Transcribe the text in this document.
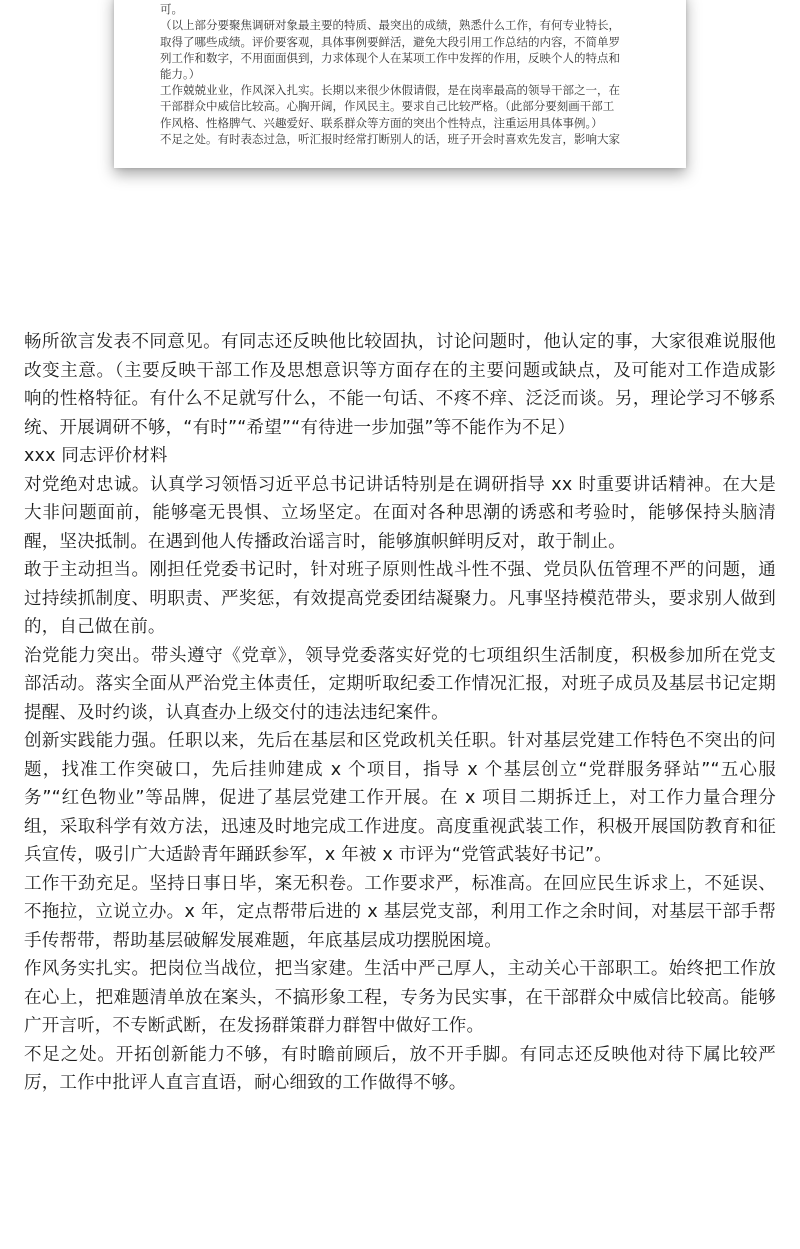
可。

（以上部分要聚焦调研对象最主要的特质、最突出的成绩，熟悉什么工作，有何专业特长，

取得了哪些成绩。评价要客观，具体事例要鲜活，避免大段引用工作总结的内容，不简单罗

列工作和数字，不用面面俱到，力求体现个人在某项工作中发挥的作用，反映个人的特点和

能力。）

工作兢兢业业，作风深入扎实。长期以来很少休假请假，是在岗率最高的领导干部之一，在

干部群众中威信比较高。心胸开阔，作风民主。要求自己比较严格。（此部分要刻画干部工

作风格、性格脾气、兴趣爱好、联系群众等方面的突出个性特点，注重运用具体事例。）

不足之处。有时表态过急，听汇报时经常打断别人的话，班子开会时喜欢先发言，影响大家

畅所欲言发表不同意见。有同志还反映他比较固执，讨论问题时，他认定的事，大家很难说服他改变主意。（主要反映干部工作及思想意识等方面存在的主要问题或缺点，及可能对工作造成影响的性格特征。有什么不足就写什么，不能一句话、不疼不痒、泛泛而谈。另，理论学习不够系统、开展调研不够，“有时”“希望”“有待进一步加强”等不能作为不足）

xxx 同志评价材料

对党绝对忠诚。认真学习领悟习近平总书记讲话特别是在调研指导 xx 时重要讲话精神。在大是大非问题面前，能够毫无畏惧、立场坚定。在面对各种思潮的诱惑和考验时，能够保持头脑清醒，坚决抵制。在遇到他人传播政治谣言时，能够旗帜鲜明反对，敢于制止。

敢于主动担当。刚担任党委书记时，针对班子原则性战斗性不强、党员队伍管理不严的问题，通过持续抓制度、明职责、严奖惩，有效提高党委团结凝聚力。凡事坚持模范带头，要求别人做到的，自己做在前。

治党能力突出。带头遵守《党章》，领导党委落实好党的七项组织生活制度，积极参加所在党支部活动。落实全面从严治党主体责任，定期听取纪委工作情况汇报，对班子成员及基层书记定期提醒、及时约谈，认真查办上级交付的违法违纪案件。

创新实践能力强。任职以来，先后在基层和区党政机关任职。针对基层党建工作特色不突出的问题，找准工作突破口，先后挂帅建成 x 个项目，指导 x 个基层创立“党群服务驿站”“五心服务”“红色物业”等品牌，促进了基层党建工作开展。在 x 项目二期拆迁上，对工作力量合理分组，采取科学有效方法，迅速及时地完成工作进度。高度重视武装工作，积极开展国防教育和征兵宣传，吸引广大适龄青年踊跃参军，x 年被 x 市评为“党管武装好书记”。

工作干劲充足。坚持日事日毕，案无积卷。工作要求严，标准高。在回应民生诉求上，不延误、不拖拉，立说立办。x 年，定点帮带后进的 x 基层党支部，利用工作之余时间，对基层干部手帮手传帮带，帮助基层破解发展难题，年底基层成功摆脱困境。

作风务实扎实。把岗位当战位，把当家建。生活中严己厚人，主动关心干部职工。始终把工作放在心上，把难题清单放在案头，不搞形象工程，专务为民实事，在干部群众中威信比较高。能够广开言听，不专断武断，在发扬群策群力群智中做好工作。

不足之处。开拓创新能力不够，有时瞻前顾后，放不开手脚。有同志还反映他对待下属比较严厉，工作中批评人直言直语，耐心细致的工作做得不够。
